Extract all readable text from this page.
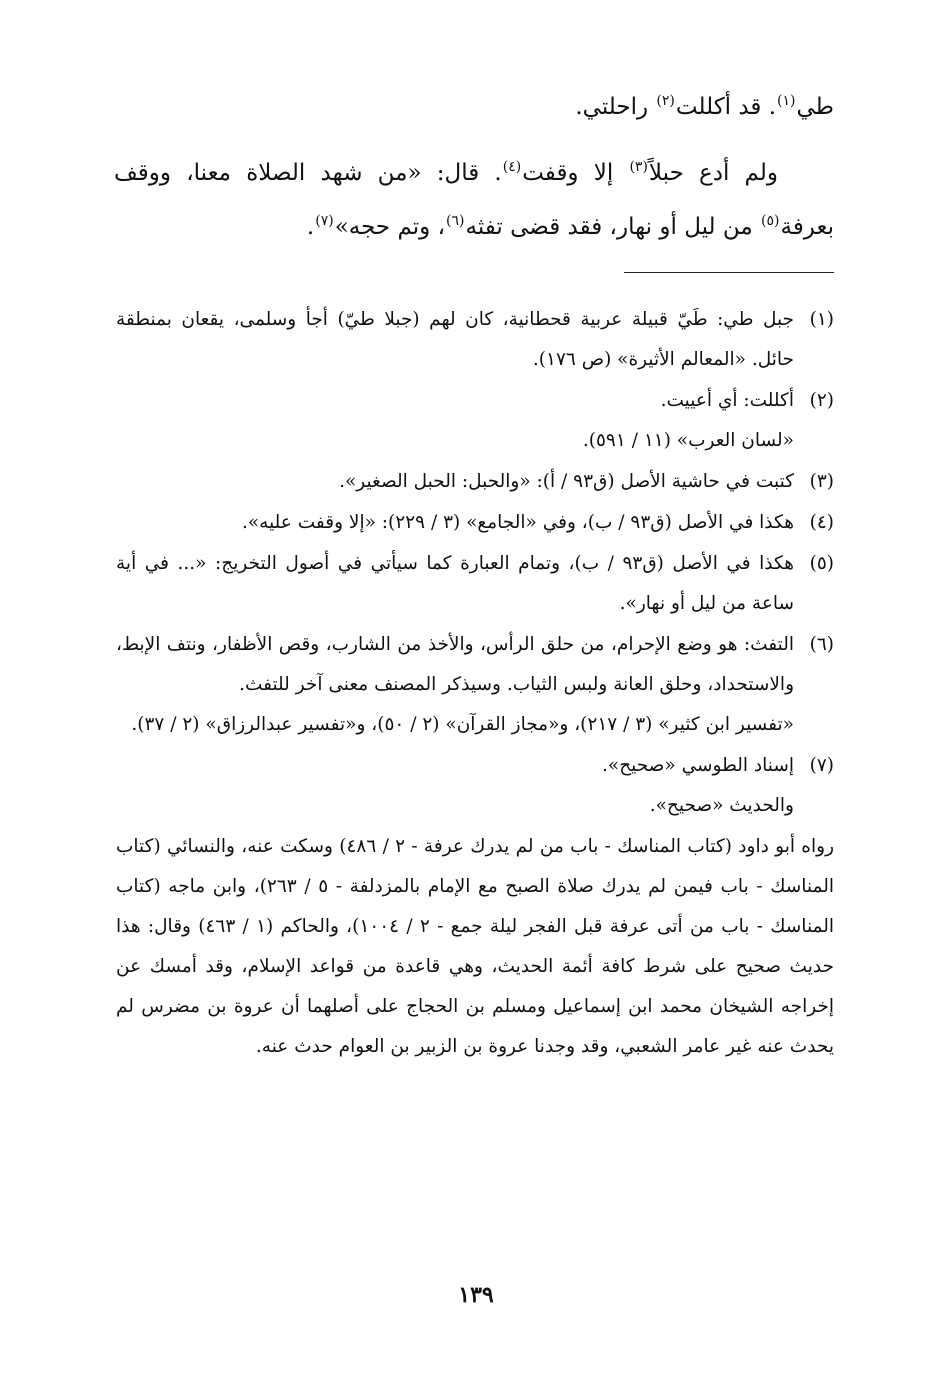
طي$^{(١)}$. قد أكللت$^{(٢)}$ راحلتي.

ولم أدع حبلاً$^{(٣)}$ إلا وقفت$^{(٤)}$. قال: «من شهد الصلاة معنا، ووقف بعرفة$^{(٥)}$ من ليل أو نهار، فقد قضى تفثه$^{(٦)}$، وتم حجه»$^{(٧)}$.

(١)
جبل طي: طَيّ قبيلة عربية قحطانية، كان لهم (جبلا طيّ) أجأ وسلمى، يقعان بمنطقة حائل. «المعالم الأثيرة» (ص ١٧٦).
(٢)
أكللت: أي أعييت.
«لسان العرب» (١١ / ٥٩١).
(٣)
كتبت في حاشية الأصل (ق٩٣ / أ): «والحبل: الحبل الصغير».
(٤)
هكذا في الأصل (ق٩٣ / ب)، وفي «الجامع» (٣ / ٢٢٩): «إلا وقفت عليه».
(٥)
هكذا في الأصل (ق٩٣ / ب)، وتمام العبارة كما سيأتي في أصول التخريج: «... في أية ساعة من ليل أو نهار».
(٦)
التفث: هو وضع الإحرام، من حلق الرأس، والأخذ من الشارب، وقص الأظفار، ونتف الإبط، والاستحداد، وحلق العانة ولبس الثياب. وسيذكر المصنف معنى آخر للتفث.
«تفسير ابن كثير» (٣ / ٢١٧)، و«مجاز القرآن» (٢ / ٥٠)، و«تفسير عبدالرزاق» (٢ / ٣٧).
(٧)
إسناد الطوسي «صحيح».
والحديث «صحيح».
رواه أبو داود (كتاب المناسك - باب من لم يدرك عرفة - ٢ / ٤٨٦) وسكت عنه، والنسائي (كتاب المناسك - باب فيمن لم يدرك صلاة الصبح مع الإمام بالمزدلفة - ٥ / ٢٦٣)، وابن ماجه (كتاب المناسك - باب من أتى عرفة قبل الفجر ليلة جمع - ٢ / ١٠٠٤)، والحاكم (١ / ٤٦٣) وقال: هذا حديث صحيح على شرط كافة أئمة الحديث، وهي قاعدة من قواعد الإسلام، وقد أمسك عن إخراجه الشيخان محمد ابن إسماعيل ومسلم بن الحجاج على أصلهما أن عروة بن مضرس لم يحدث عنه غير عامر الشعبي، وقد وجدنا عروة بن الزبير بن العوام حدث عنه.
١٣٩
